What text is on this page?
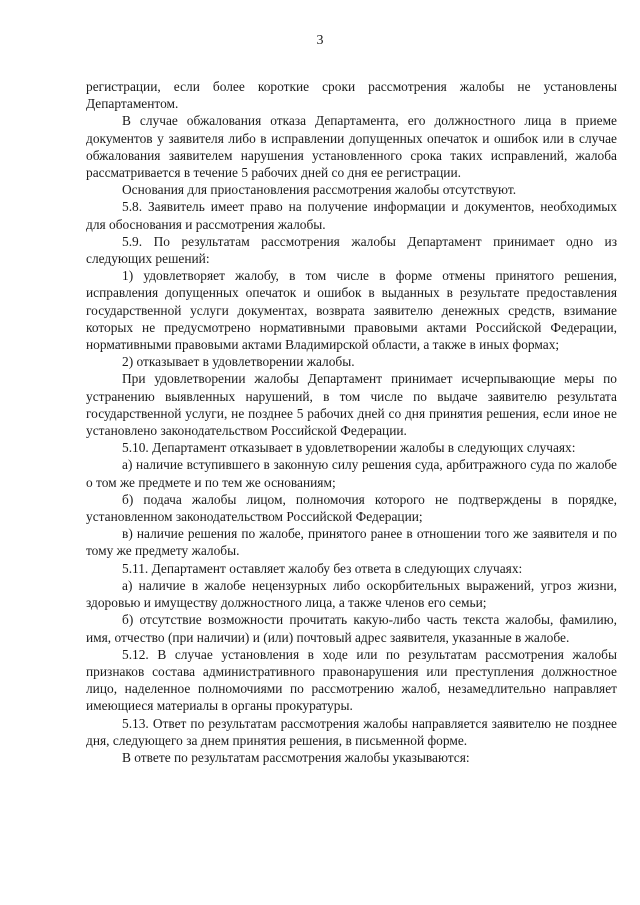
3

регистрации, если более короткие сроки рассмотрения жалобы не установлены Департаментом.

В случае обжалования отказа Департамента, его должностного лица в приеме документов у заявителя либо в исправлении допущенных опечаток и ошибок или в случае обжалования заявителем нарушения установленного срока таких исправлений, жалоба рассматривается в течение 5 рабочих дней со дня ее регистрации.

Основания для приостановления рассмотрения жалобы отсутствуют.

5.8. Заявитель имеет право на получение информации и документов, необходимых для обоснования и рассмотрения жалобы.

5.9. По результатам рассмотрения жалобы Департамент принимает одно из следующих решений:

1) удовлетворяет жалобу, в том числе в форме отмены принятого решения, исправления допущенных опечаток и ошибок в выданных в результате предоставления государственной услуги документах, возврата заявителю денежных средств, взимание которых не предусмотрено нормативными правовыми актами Российской Федерации, нормативными правовыми актами Владимирской области, а также в иных формах;

2) отказывает в удовлетворении жалобы.

При удовлетворении жалобы Департамент принимает исчерпывающие меры по устранению выявленных нарушений, в том числе по выдаче заявителю результата государственной услуги, не позднее 5 рабочих дней со дня принятия решения, если иное не установлено законодательством Российской Федерации.

5.10. Департамент отказывает в удовлетворении жалобы в следующих случаях:

а) наличие вступившего в законную силу решения суда, арбитражного суда по жалобе о том же предмете и по тем же основаниям;

б) подача жалобы лицом, полномочия которого не подтверждены в порядке, установленном законодательством Российской Федерации;

в) наличие решения по жалобе, принятого ранее в отношении того же заявителя и по тому же предмету жалобы.

5.11. Департамент оставляет жалобу без ответа в следующих случаях:

а) наличие в жалобе нецензурных либо оскорбительных выражений, угроз жизни, здоровью и имуществу должностного лица, а также членов его семьи;

б) отсутствие возможности прочитать какую-либо часть текста жалобы, фамилию, имя, отчество (при наличии) и (или) почтовый адрес заявителя, указанные в жалобе.

5.12. В случае установления в ходе или по результатам рассмотрения жалобы признаков состава административного правонарушения или преступления должностное лицо, наделенное полномочиями по рассмотрению жалоб, незамедлительно направляет имеющиеся материалы в органы прокуратуры.

5.13. Ответ по результатам рассмотрения жалобы направляется заявителю не позднее дня, следующего за днем принятия решения, в письменной форме.

В ответе по результатам рассмотрения жалобы указываются:
